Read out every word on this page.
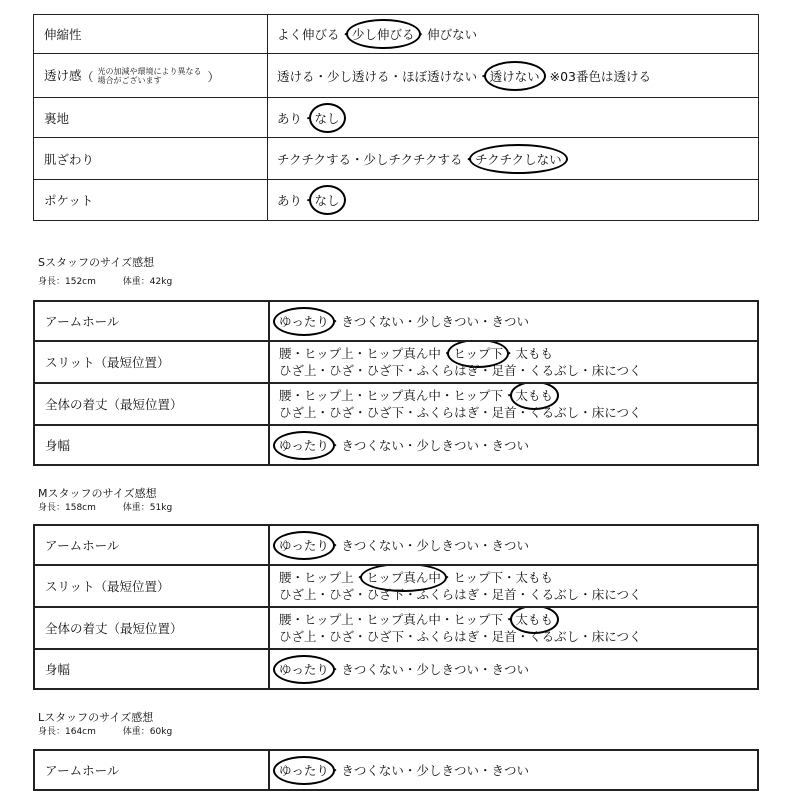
伸縮性	よく伸びる・少し伸びる・伸びない
透け感（ 光の加減や環境により異なる場合がございます ）	透ける・少し透ける・ほぼ透けない・透けない ※03番色は透ける
裏地	あり・なし
肌ざわり	チクチクする・少しチクチクする・チクチクしない
ポケット	あり・なし
Sスタッフのサイズ感想
身長：152cm	体重：42kg
アームホール	ゆったり・きつくない・少しきつい・きつい
スリット（最短位置）	腰・ヒップ上・ヒップ真ん中・ヒップ下・太もも
ひざ上・ひざ・ひざ下・ふくらはぎ・足首・くるぶし・床につく

全体の着丈（最短位置）	腰・ヒップ上・ヒップ真ん中・ヒップ下・太もも
ひざ上・ひざ・ひざ下・ふくらはぎ・足首・くるぶし・床につく

身幅	ゆったり・きつくない・少しきつい・きつい
Mスタッフのサイズ感想
身長：158cm	体重：51kg
アームホール	ゆったり・きつくない・少しきつい・きつい
スリット（最短位置）	腰・ヒップ上・ヒップ真ん中・ヒップ下・太もも
ひざ上・ひざ・ひざ下・ふくらはぎ・足首・くるぶし・床につく

全体の着丈（最短位置）	腰・ヒップ上・ヒップ真ん中・ヒップ下・太もも
ひざ上・ひざ・ひざ下・ふくらはぎ・足首・くるぶし・床につく

身幅	ゆったり・きつくない・少しきつい・きつい
Lスタッフのサイズ感想
身長：164cm	体重：60kg
アームホール	ゆったり・きつくない・少しきつい・きつい
